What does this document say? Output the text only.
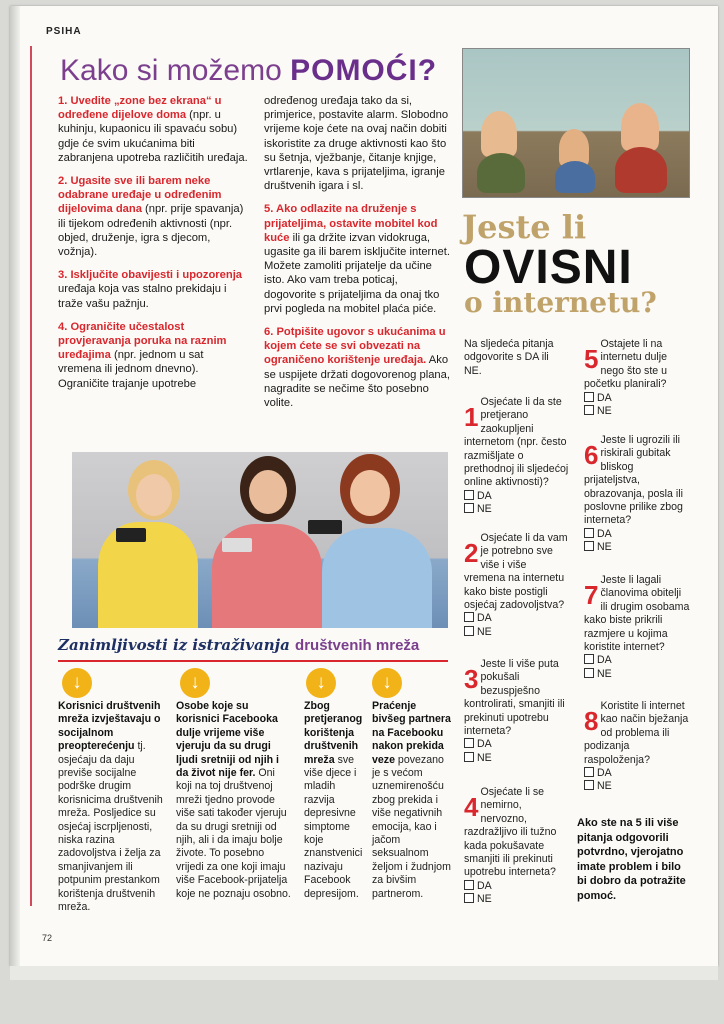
PSIHA
Kako si možemo POMOĆI?

1. Uvedite „zone bez ekrana“ u određene dijelove doma (npr. u kuhinju, kupaonicu ili spavaću sobu) gdje će svim ukućanima biti zabranjena upotreba različitih uređaja.

2. Ugasite sve ili barem neke odabrane uređaje u određenim dijelovima dana (npr. prije spavanja) ili tijekom određenih aktivnosti (npr. objed, druženje, igra s djecom, vožnja).

3. Isključite obavijesti i upozorenja uređaja koja vas stalno prekidaju i traže vašu pažnju.

4. Ograničite učestalost provjeravanja poruka na raznim uređajima (npr. jednom u sat vremena ili jednom dnevno). Ograničite trajanje upotrebe

određenog uređaja tako da si, primjerice, postavite alarm. Slobodno vrijeme koje ćete na ovaj način dobiti iskoristite za druge aktivnosti kao što su šetnja, vježbanje, čitanje knjige, vrtlarenje, kava s prijateljima, igranje društvenih igara i sl.

5. Ako odlazite na druženje s prijateljima, ostavite mobitel kod kuće ili ga držite izvan vidokruga, ugasite ga ili barem isključite internet. Možete zamoliti prijatelje da učine isto. Ako vam treba poticaj, dogovorite s prijateljima da onaj tko prvi pogleda na mobitel plaća piće.

6. Potpišite ugovor s ukućanima u kojem ćete se svi obvezati na ograničeno korištenje uređaja. Ako se uspijete držati dogovorenog plana, nagradite se nečime što posebno volite.

Jeste li
OVISNI
o internetu?
Na sljedeća pitanja odgovorite s DA ili NE.
1 Osjećate li da ste pretjerano zaokupljeni internetom (npr. često razmišljate o prethodnoj ili sljedećoj online aktivnosti)?
DA
NE
2 Osjećate li da vam je potrebno sve više i više vremena na internetu kako biste postigli osjećaj zadovoljstva?
DA
NE
3 Jeste li više puta pokušali bezuspješno kontrolirati, smanjiti ili prekinuti upotrebu interneta?
DA
NE
4 Osjećate li se nemirno, nervozno, razdražljivo ili tužno kada pokušavate smanjiti ili prekinuti upotrebu interneta?
DA
NE
5 Ostajete li na internetu dulje nego što ste u početku planirali?
DA
NE
6 Jeste li ugrozili ili riskirali gubitak bliskog prijateljstva, obrazovanja, posla ili poslovne prilike zbog interneta?
DA
NE
7 Jeste li lagali članovima obitelji ili drugim osobama kako biste prikrili razmjere u kojima koristite internet?
DA
NE
8 Koristite li internet kao način bježanja od problema ili podizanja raspoloženja?
DA
NE
Ako ste na 5 ili više pitanja odgovorili potvrdno, vjerojatno imate problem i bilo bi dobro da potražite pomoć.
Zanimljivosti iz istraživanja društvenih mreža
↓	↓	↓	↓
Korisnici društvenih mreža izvještavaju o socijalnom preopterećenju tj. osjećaju da daju previše socijalne podrške drugim korisnicima društvenih mreža. Posljedice su osjećaj iscrpljenosti, niska razina zadovoljstva i želja za smanjivanjem ili potpunim prestankom korištenja društvenih mreža.
Osobe koje su korisnici Facebooka dulje vrijeme više vjeruju da su drugi ljudi sretniji od njih i da život nije fer. Oni koji na toj društvenoj mreži tjedno provode više sati također vjeruju da su drugi sretniji od njih, ali i da imaju bolje živote. To posebno vrijedi za one koji imaju više Facebook-prijatelja koje ne poznaju osobno.
Zbog pretjeranog korištenja društvenih mreža sve više djece i mladih razvija depresivne simptome koje znanstvenici nazivaju Facebook depresijom.
Praćenje bivšeg partnera na Facebooku nakon prekida veze povezano je s većom uznemirenošću zbog prekida i više negativnih emocija, kao i jačom seksualnom željom i žudnjom za bivšim partnerom.
72
